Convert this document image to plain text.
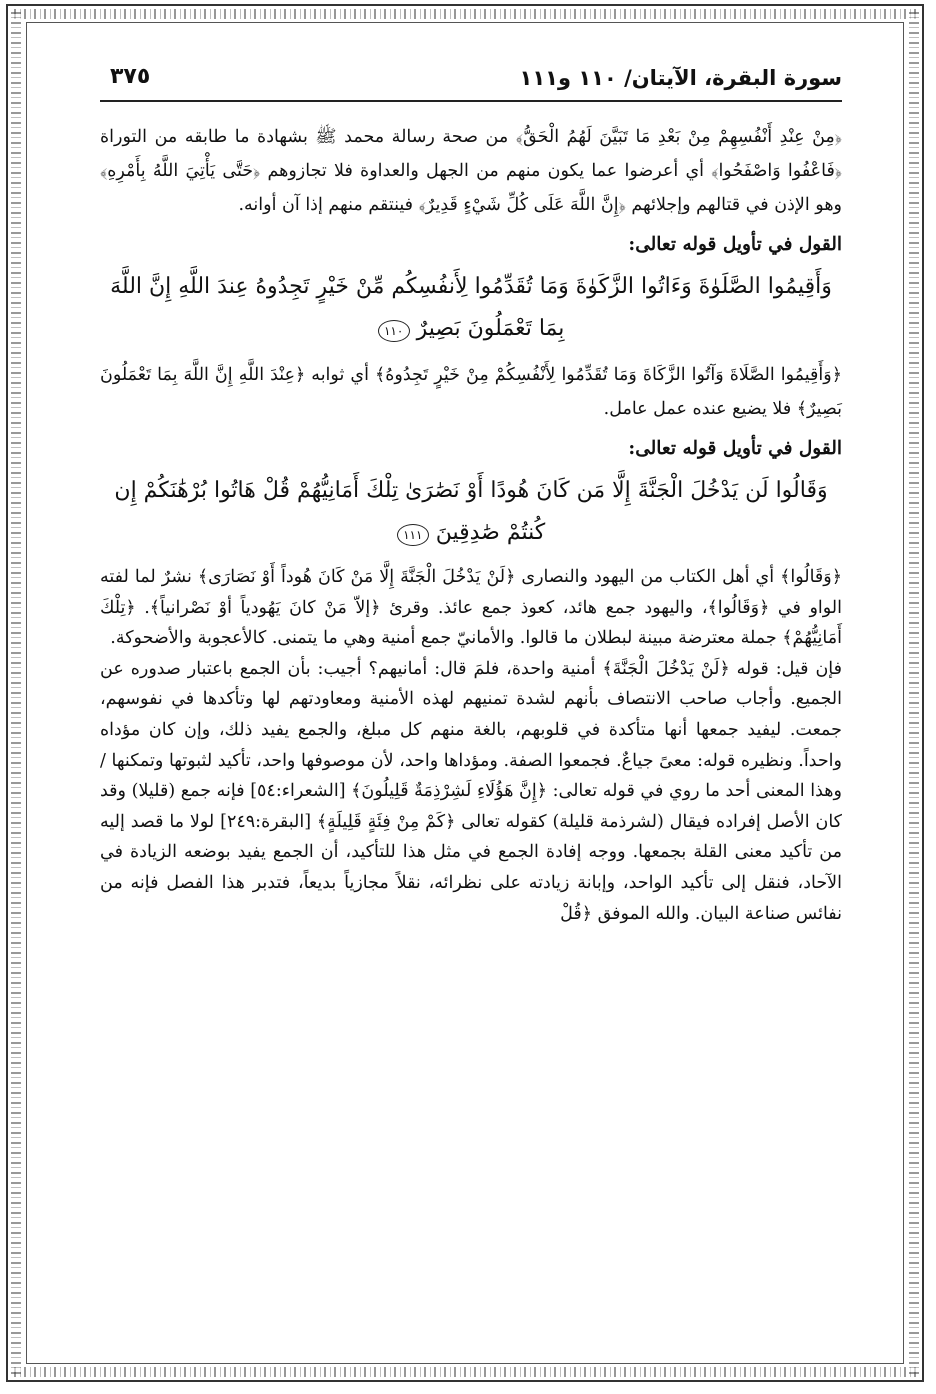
سورة البقرة، الآيتان/ ١١٠ و١١١
٣٧٥

﴿مِنْ عِنْدِ أَنْفُسِهِمْ مِنْ بَعْدِ مَا تَبَيَّنَ لَهُمُ الْحَقُّ﴾ من صحة رسالة محمد ﷺ بشهادة ما طابقه من التوراة ﴿فَاعْفُوا وَاصْفَحُوا﴾ أي أعرضوا عما يكون منهم من الجهل والعداوة فلا تجازوهم ﴿حَتَّى يَأْتِيَ اللَّهُ بِأَمْرِهِ﴾ وهو الإذن في قتالهم وإجلائهم ﴿إِنَّ اللَّهَ عَلَى كُلِّ شَيْءٍ قَدِيرٌ﴾ فينتقم منهم إذا آن أوانه.

القول في تأويل قوله تعالى:

وَأَقِيمُوا الصَّلَوٰةَ وَءَاتُوا الزَّكَوٰةَ وَمَا تُقَدِّمُوا لِأَنفُسِكُم مِّنْ خَيْرٍ تَجِدُوهُ عِندَ اللَّهِ إِنَّ اللَّهَ بِمَا تَعْمَلُونَ بَصِيرٌ ١١٠

﴿وَأَقِيمُوا الصَّلَاةَ وَآتُوا الزَّكَاةَ وَمَا تُقَدِّمُوا لِأَنْفُسِكُمْ مِنْ خَيْرٍ تَجِدُوهُ﴾ أي ثوابه ﴿عِنْدَ اللَّهِ إِنَّ اللَّهَ بِمَا تَعْمَلُونَ بَصِيرٌ﴾ فلا يضيع عنده عمل عامل.

القول في تأويل قوله تعالى:

وَقَالُوا لَن يَدْخُلَ الْجَنَّةَ إِلَّا مَن كَانَ هُودًا أَوْ نَصَٰرَىٰ تِلْكَ أَمَانِيُّهُمْ قُلْ هَاتُوا بُرْهَٰنَكُمْ إِن كُنتُمْ صَٰدِقِينَ ١١١

﴿وَقَالُوا﴾ أي أهل الكتاب من اليهود والنصارى ﴿لَنْ يَدْخُلَ الْجَنَّةَ إِلَّا مَنْ كَانَ هُوداً أَوْ نَصَارَى﴾ نشرٌ لما لفته الواو في ﴿وَقَالُوا﴾، واليهود جمع هائد، كعوذ جمع عائذ. وقرئ ﴿إلاّ مَنْ كانَ يَهُودياً أوْ نَصْرانياً﴾. ﴿تِلْكَ أَمَانِيُّهُمْ﴾ جملة معترضة مبينة لبطلان ما قالوا. والأمانيّ جمع أمنية وهي ما يتمنى. كالأعجوبة والأضحوكة.

فإن قيل: قوله ﴿لَنْ يَدْخُلَ الْجَنَّةَ﴾ أمنية واحدة، فلمَ قال: أمانيهم؟ أجيب: بأن الجمع باعتبار صدوره عن الجميع. وأجاب صاحب الانتصاف بأنهم لشدة تمنيهم لهذه الأمنية ومعاودتهم لها وتأكدها في نفوسهم، جمعت. ليفيد جمعها أنها متأكدة في قلوبهم، بالغة منهم كل مبلغ، والجمع يفيد ذلك، وإن كان مؤداه واحداً. ونظيره قوله: معىً جياعٌ. فجمعوا الصفة. ومؤداها واحد، لأن موصوفها واحد، تأكيد لثبوتها وتمكنها / وهذا المعنى أحد ما روي في قوله تعالى: ﴿إِنَّ هَؤُلَاءِ لَشِرْذِمَةٌ قَلِيلُونَ﴾ [الشعراء:٥٤] فإنه جمع (قليلا) وقد كان الأصل إفراده فيقال (لشرذمة قليلة) كقوله تعالى ﴿كَمْ مِنْ فِئَةٍ قَلِيلَةٍ﴾ [البقرة:٢٤٩] لولا ما قصد إليه من تأكيد معنى القلة بجمعها. ووجه إفادة الجمع في مثل هذا للتأكيد، أن الجمع يفيد بوضعه الزيادة في الآحاد، فنقل إلى تأكيد الواحد، وإبانة زيادته على نظرائه، نقلاً مجازياً بديعاً، فتدبر هذا الفصل فإنه من نفائس صناعة البيان. والله الموفق ﴿قُلْ
